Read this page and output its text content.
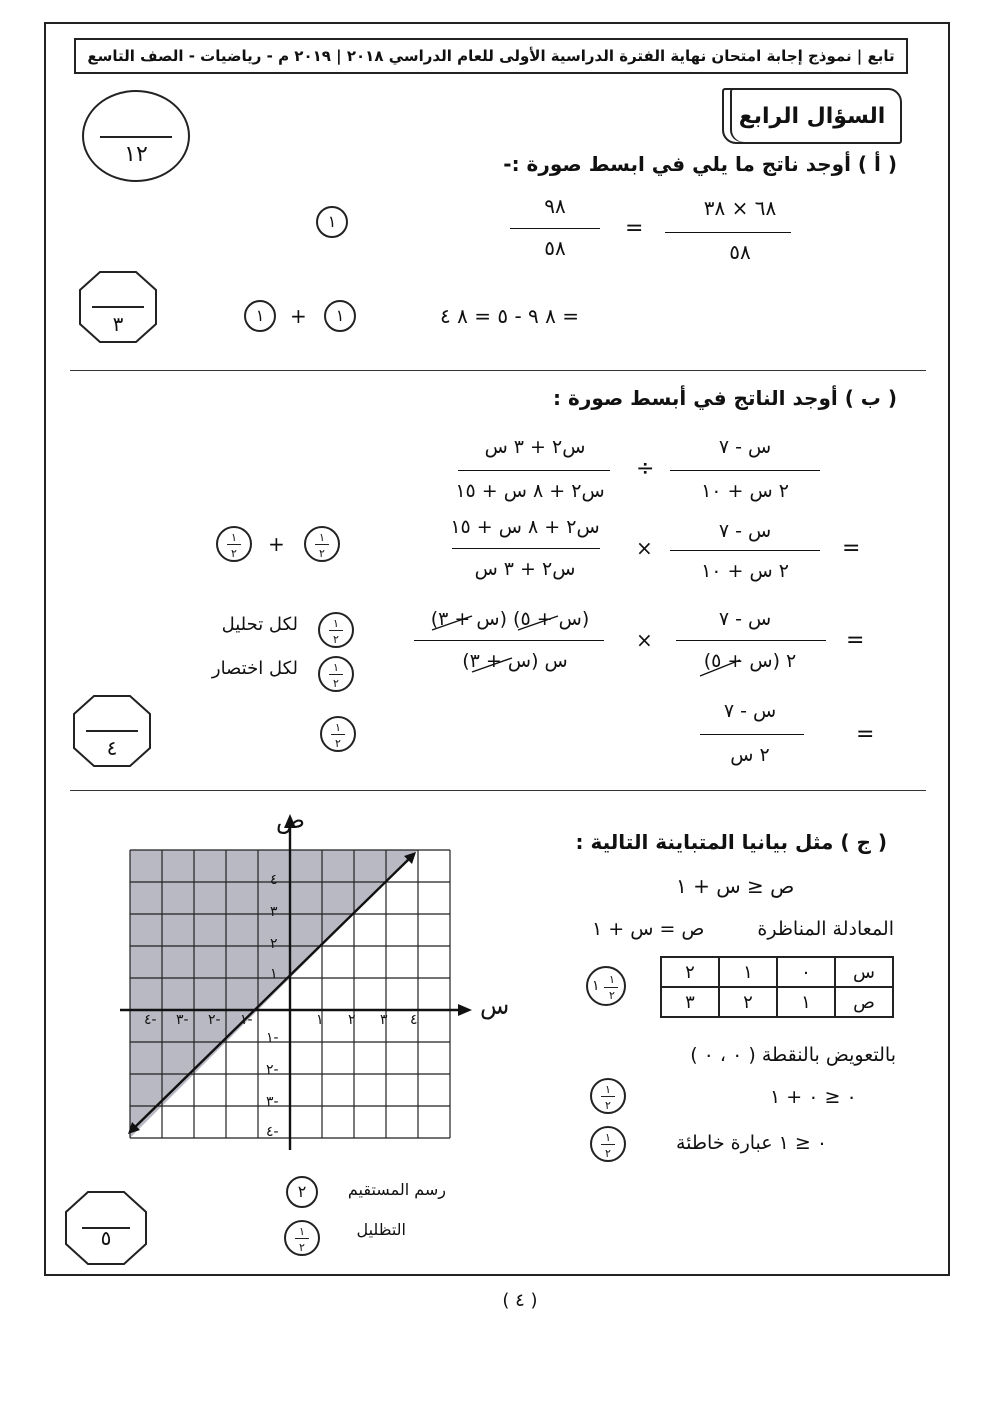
تابع | نموذج إجابة امتحان نهاية الفترة الدراسية الأولى للعام الدراسي ٢٠١٨ | ٢٠١٩ م - رياضيات - الصف التاسع
السؤال الرابع
١٢	( أ ) أوجد ناتج ما يلي في ابسط صورة :-
٦٨ × ٣٨
٥٨
=
٩٨
٥٨
١
= ٨ ٩ - ٥ = ٨ ٤
١
+
١
٣
( ب ) أوجد الناتج في أبسط صورة :
س - ٧
٢ س + ١٠
÷
س٢ + ٣ س
س٢ + ٨ س + ١٥
=
س - ٧
٢ س + ١٠
×
س٢ + ٨ س + ١٥
س٢ + ٣ س
١
٢
+
١
٢
=
س - ٧
٢ (س + ٥)
×
(س + ٥) (س + ٣)
س (س + ٣)
١
٢
لكل تحليل
١
٢
لكل اختصار
=
س - ٧
٢ س
١
٢
٤
( ج ) مثل بيانيا المتباينة التالية :
ص ≤ س + ١
المعادلة المناظرة
ص = س + ١
س	٠	١	٢
ص	١	٢	٣
١ ١
٢
بالتعويض بالنقطة ( ٠ ، ٠ )
٠ ≤ ٠ + ١
٠ ≤ ١ عبارة خاطئة
١
٢
١
٢
ص
س
-٤ -٣ -٢ -١	١ ٢ ٣ ٤
٤
٣
٢
١
-١
-٢
-٣
-٤
٢	رسم المستقيم
١
٢
التظليل
٥
( ٤ )
